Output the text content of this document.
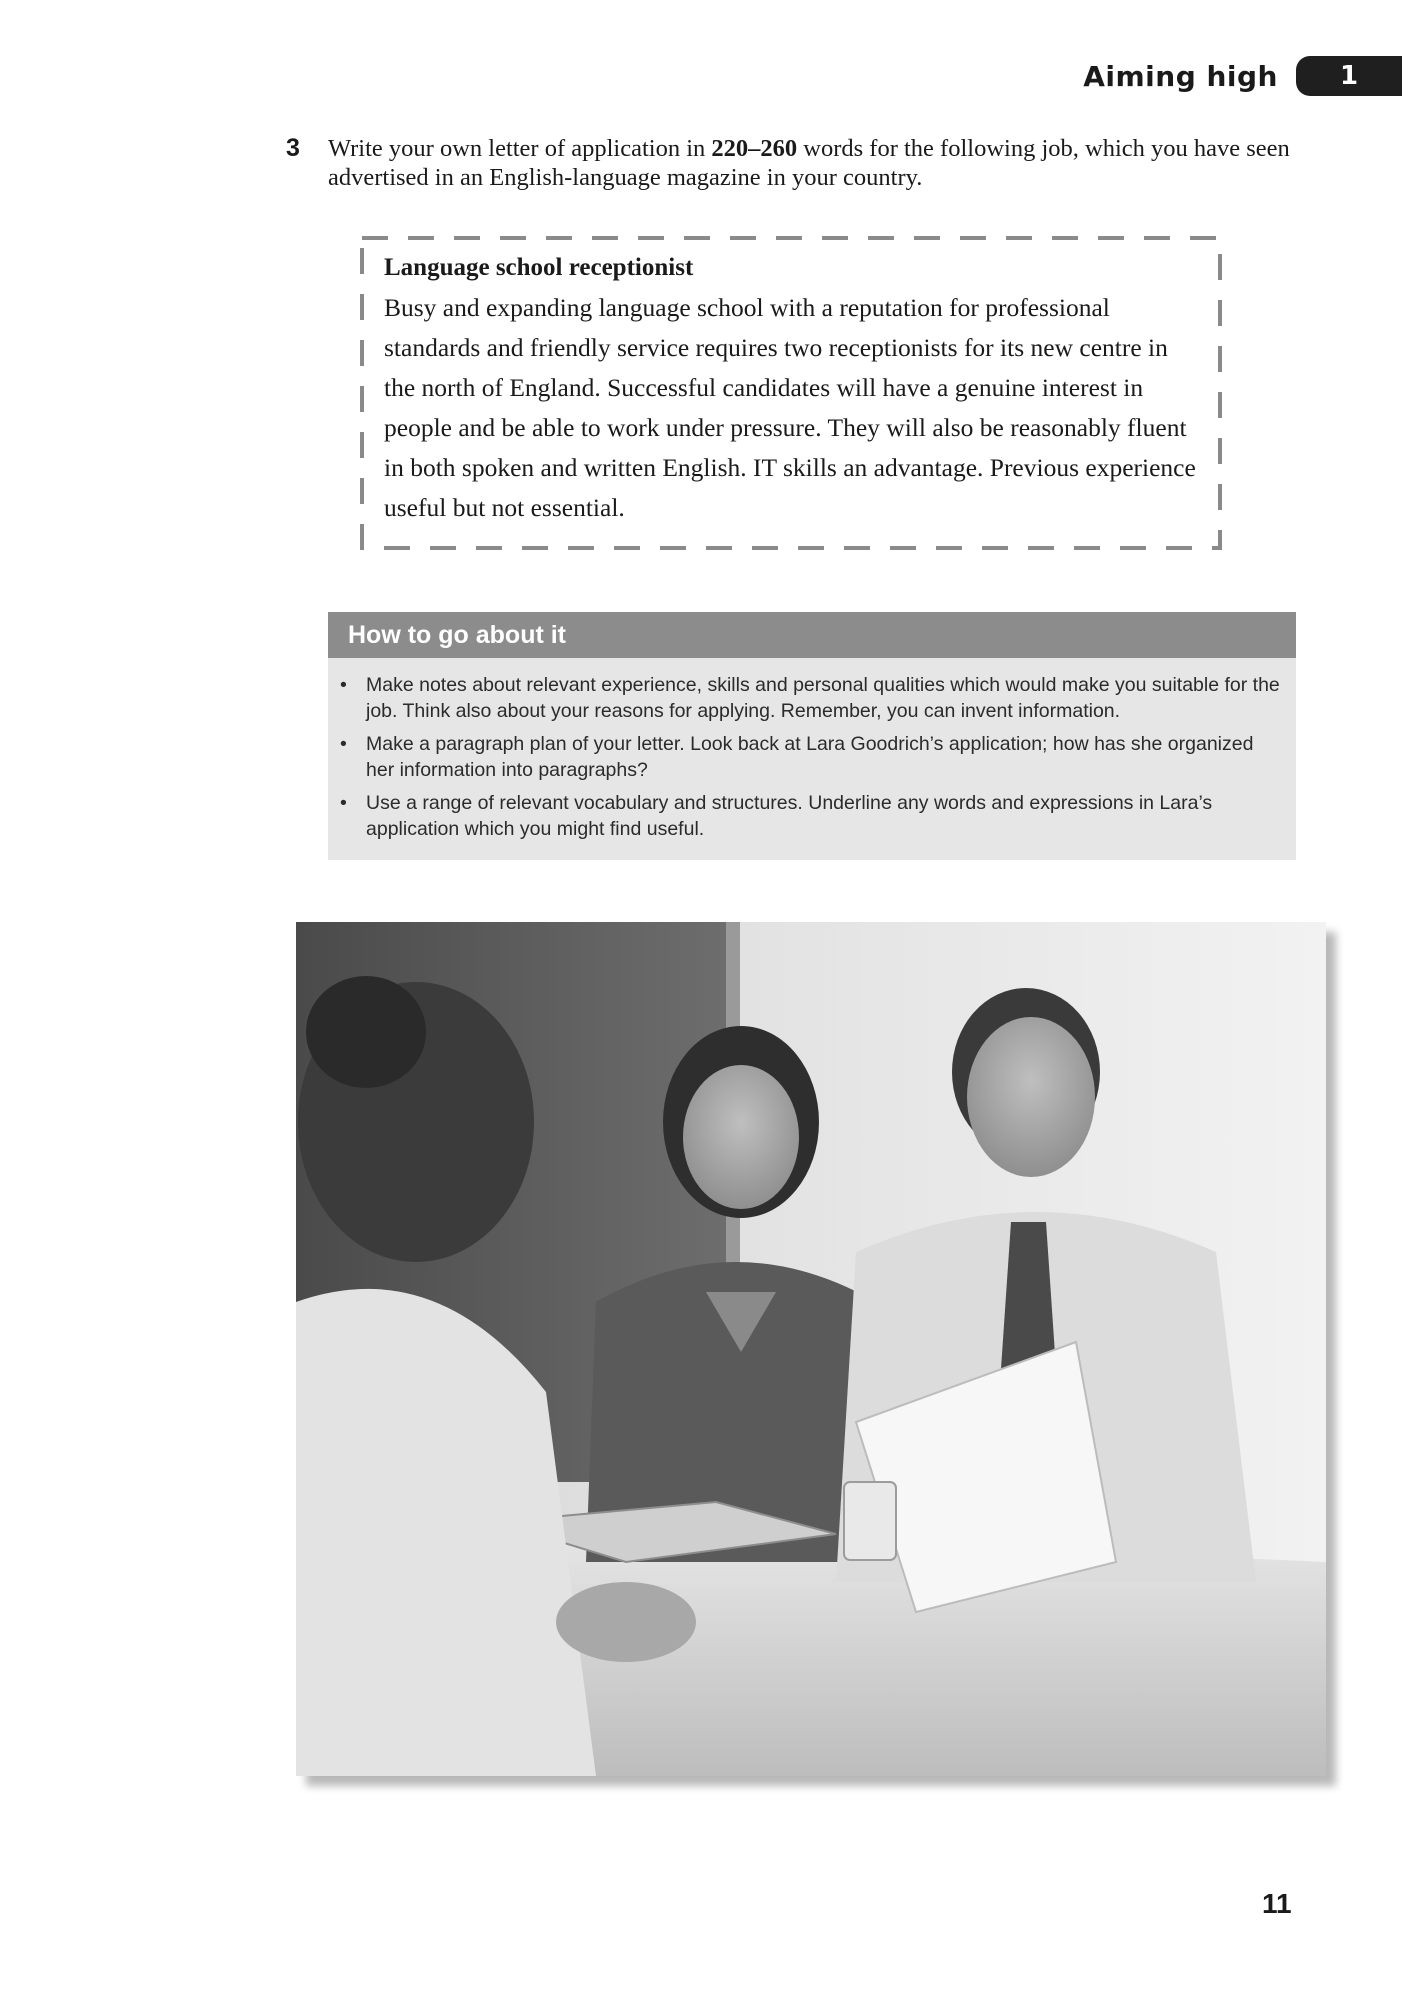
Aiming high	1
3 Write your own letter of application in 220–260 words for the following job, which you have seen advertised in an English-language magazine in your country.

Language school receptionist

Busy and expanding language school with a reputation for professional standards and friendly service requires two receptionists for its new centre in the north of England. Successful candidates will have a genuine interest in people and be able to work under pressure. They will also be reasonably fluent in both spoken and written English. IT skills an advantage. Previous experience useful but not essential.

How to go about it
• Make notes about relevant experience, skills and personal qualities which would make you suitable for the job. Think also about your reasons for applying. Remember, you can invent information.
• Make a paragraph plan of your letter. Look back at Lara Goodrich’s application; how has she organized her information into paragraphs?
• Use a range of relevant vocabulary and structures. Underline any words and expressions in Lara’s application which you might find useful.
11
